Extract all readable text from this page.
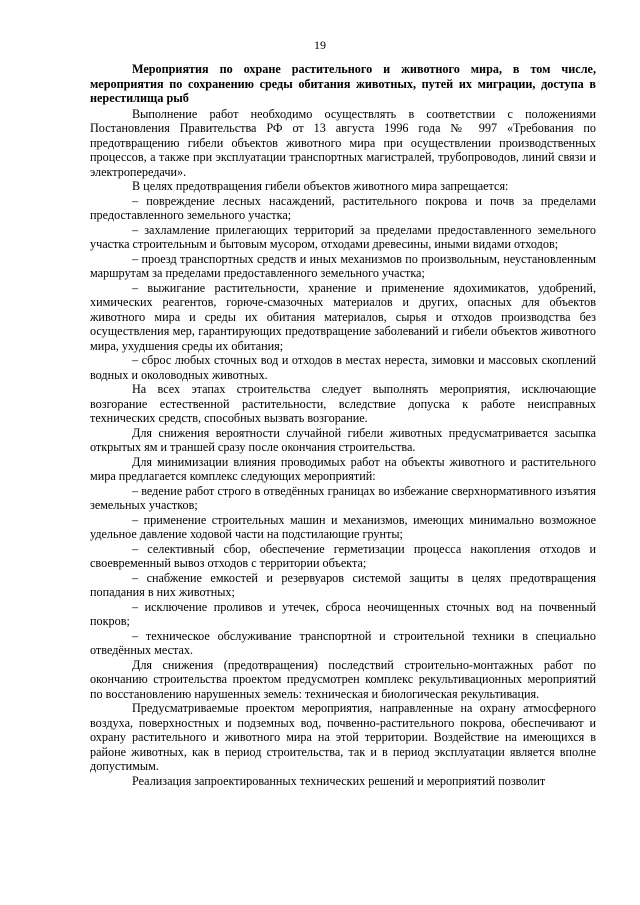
19

Мероприятия по охране растительного и животного мира, в том числе, мероприятия по сохранению среды обитания животных, путей их миграции, доступа в нерестилища рыб

Выполнение работ необходимо осуществлять в соответствии с положениями Постановления Правительства РФ от 13 августа 1996 года № 997 «Требования по предотвращению гибели объектов животного мира при осуществлении производственных процессов, а также при эксплуатации транспортных магистралей, трубопроводов, линий связи и электропередачи».

В целях предотвращения гибели объектов животного мира запрещается:

– повреждение лесных насаждений, растительного покрова и почв за пределами предоставленного земельного участка;

– захламление прилегающих территорий за пределами предоставленного земельного участка строительным и бытовым мусором, отходами древесины, иными видами отходов;

– проезд транспортных средств и иных механизмов по произвольным, неустановленным маршрутам за пределами предоставленного земельного участка;

– выжигание растительности, хранение и применение ядохимикатов, удобрений, химических реагентов, горюче-смазочных материалов и других, опасных для объектов животного мира и среды их обитания материалов, сырья и отходов производства без осуществления мер, гарантирующих предотвращение заболеваний и гибели объектов животного мира, ухудшения среды их обитания;

– сброс любых сточных вод и отходов в местах нереста, зимовки и массовых скоплений водных и околоводных животных.

На всех этапах строительства следует выполнять мероприятия, исключающие возгорание естественной растительности, вследствие допуска к работе неисправных технических средств, способных вызвать возгорание.

Для снижения вероятности случайной гибели животных предусматривается засыпка открытых ям и траншей сразу после окончания строительства.

Для минимизации влияния проводимых работ на объекты животного и растительного мира предлагается комплекс следующих мероприятий:

– ведение работ строго в отведённых границах во избежание сверхнормативного изъятия земельных участков;

– применение строительных машин и механизмов, имеющих минимально возможное удельное давление ходовой части на подстилающие грунты;

– селективный сбор, обеспечение герметизации процесса накопления отходов и своевременный вывоз отходов с территории объекта;

– снабжение емкостей и резервуаров системой защиты в целях предотвращения попадания в них животных;

– исключение проливов и утечек, сброса неочищенных сточных вод на почвенный покров;

– техническое обслуживание транспортной и строительной техники в специально отведённых местах.

Для снижения (предотвращения) последствий строительно-монтажных работ по окончанию строительства проектом предусмотрен комплекс рекультивационных мероприятий по восстановлению нарушенных земель: техническая и биологическая рекультивация.

Предусматриваемые проектом мероприятия, направленные на охрану атмосферного воздуха, поверхностных и подземных вод, почвенно-растительного покрова, обеспечивают и охрану растительного и животного мира на этой территории. Воздействие на имеющихся в районе животных, как в период строительства, так и в период эксплуатации является вполне допустимым.

Реализация запроектированных технических решений и мероприятий позволит
